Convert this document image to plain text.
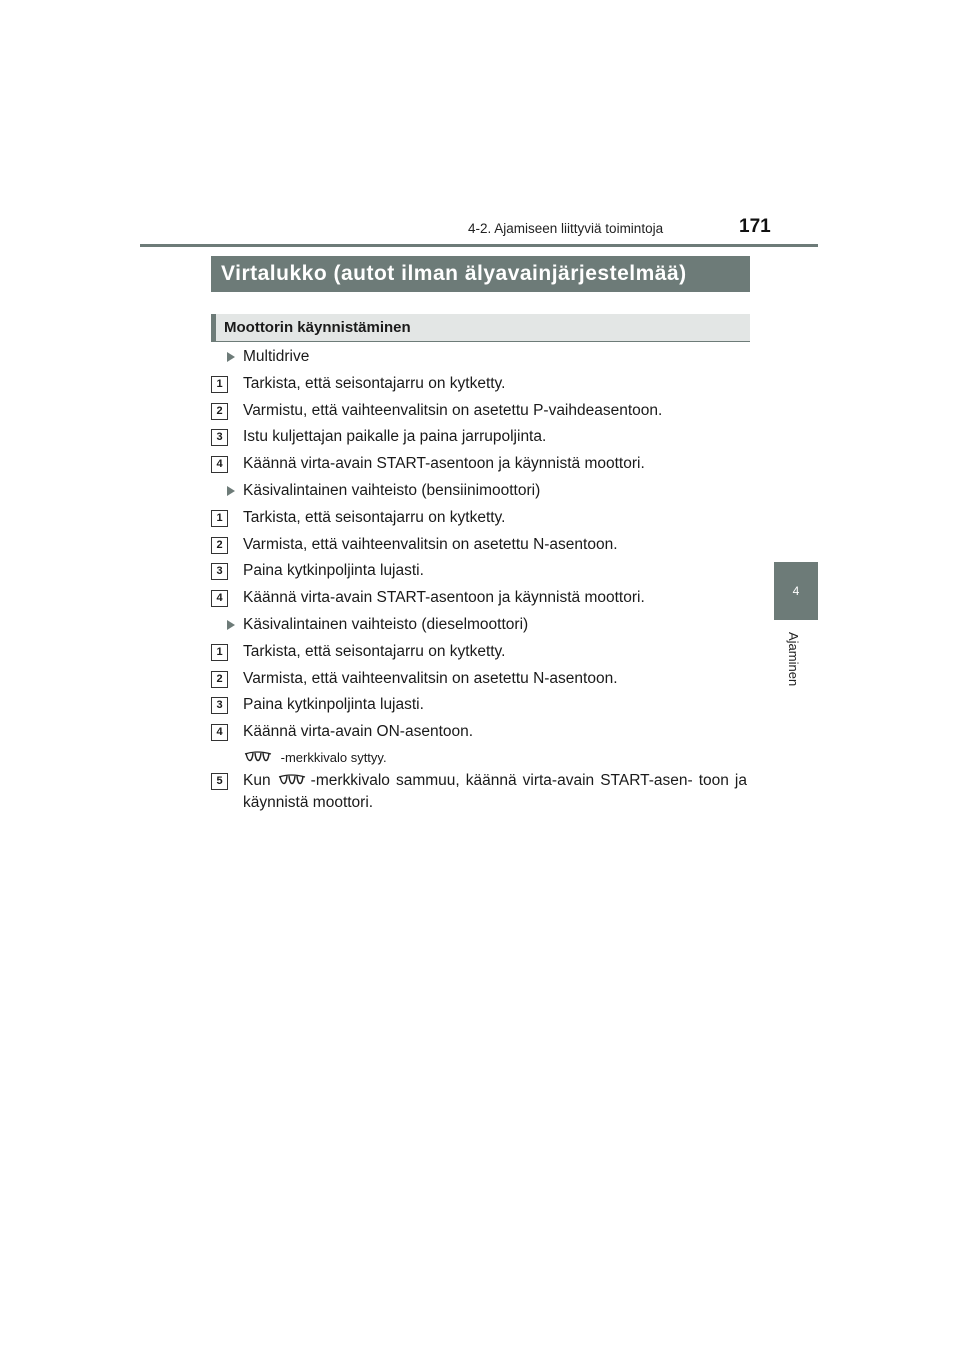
4-2. Ajamiseen liittyviä toimintoja	171
4
Ajaminen
Virtalukko (autot ilman älyavainjärjestelmää)
Moottorin käynnistäminen
Multidrive
1	Tarkista, että seisontajarru on kytketty.
2	Varmistu, että vaihteenvalitsin on asetettu P-vaihdeasentoon.
3	Istu kuljettajan paikalle ja paina jarrupoljinta.
4	Käännä virta-avain START-asentoon ja käynnistä moottori.
Käsivalintainen vaihteisto (bensiinimoottori)
1	Tarkista, että seisontajarru on kytketty.
2	Varmista, että vaihteenvalitsin on asetettu N-asentoon.
3	Paina kytkinpoljinta lujasti.
4	Käännä virta-avain START-asentoon ja käynnistä moottori.
Käsivalintainen vaihteisto (dieselmoottori)
1	Tarkista, että seisontajarru on kytketty.
2	Varmista, että vaihteenvalitsin on asetettu N-asentoon.
3	Paina kytkinpoljinta lujasti.
4	Käännä virta-avain ON-asentoon.
-merkkivalo syttyy.
5	Kun	-merkkivalo sammuu, käännä virta-avain START-asen- toon ja käynnistä moottori.
